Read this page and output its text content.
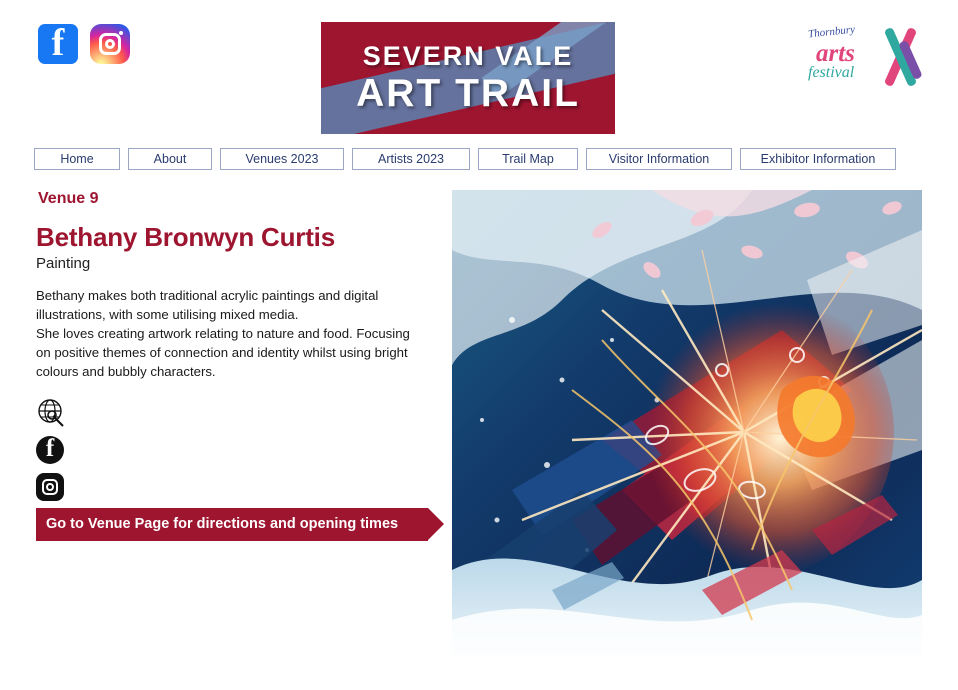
f
SEVERN VALE
ART TRAIL
Thornbury
arts
festival
Home	About	Venues 2023	Artists 2023	Trail Map	Visitor Information	Exhibitor Information
Venue 9
Bethany Bronwyn Curtis
Painting

Bethany makes both traditional acrylic paintings and digital

illustrations, with some utilising mixed media.

She loves creating artwork relating to nature and food. Focusing

on positive themes of connection and identity whilst using bright

colours and bubbly characters.

f
Go to Venue Page for directions and opening times
